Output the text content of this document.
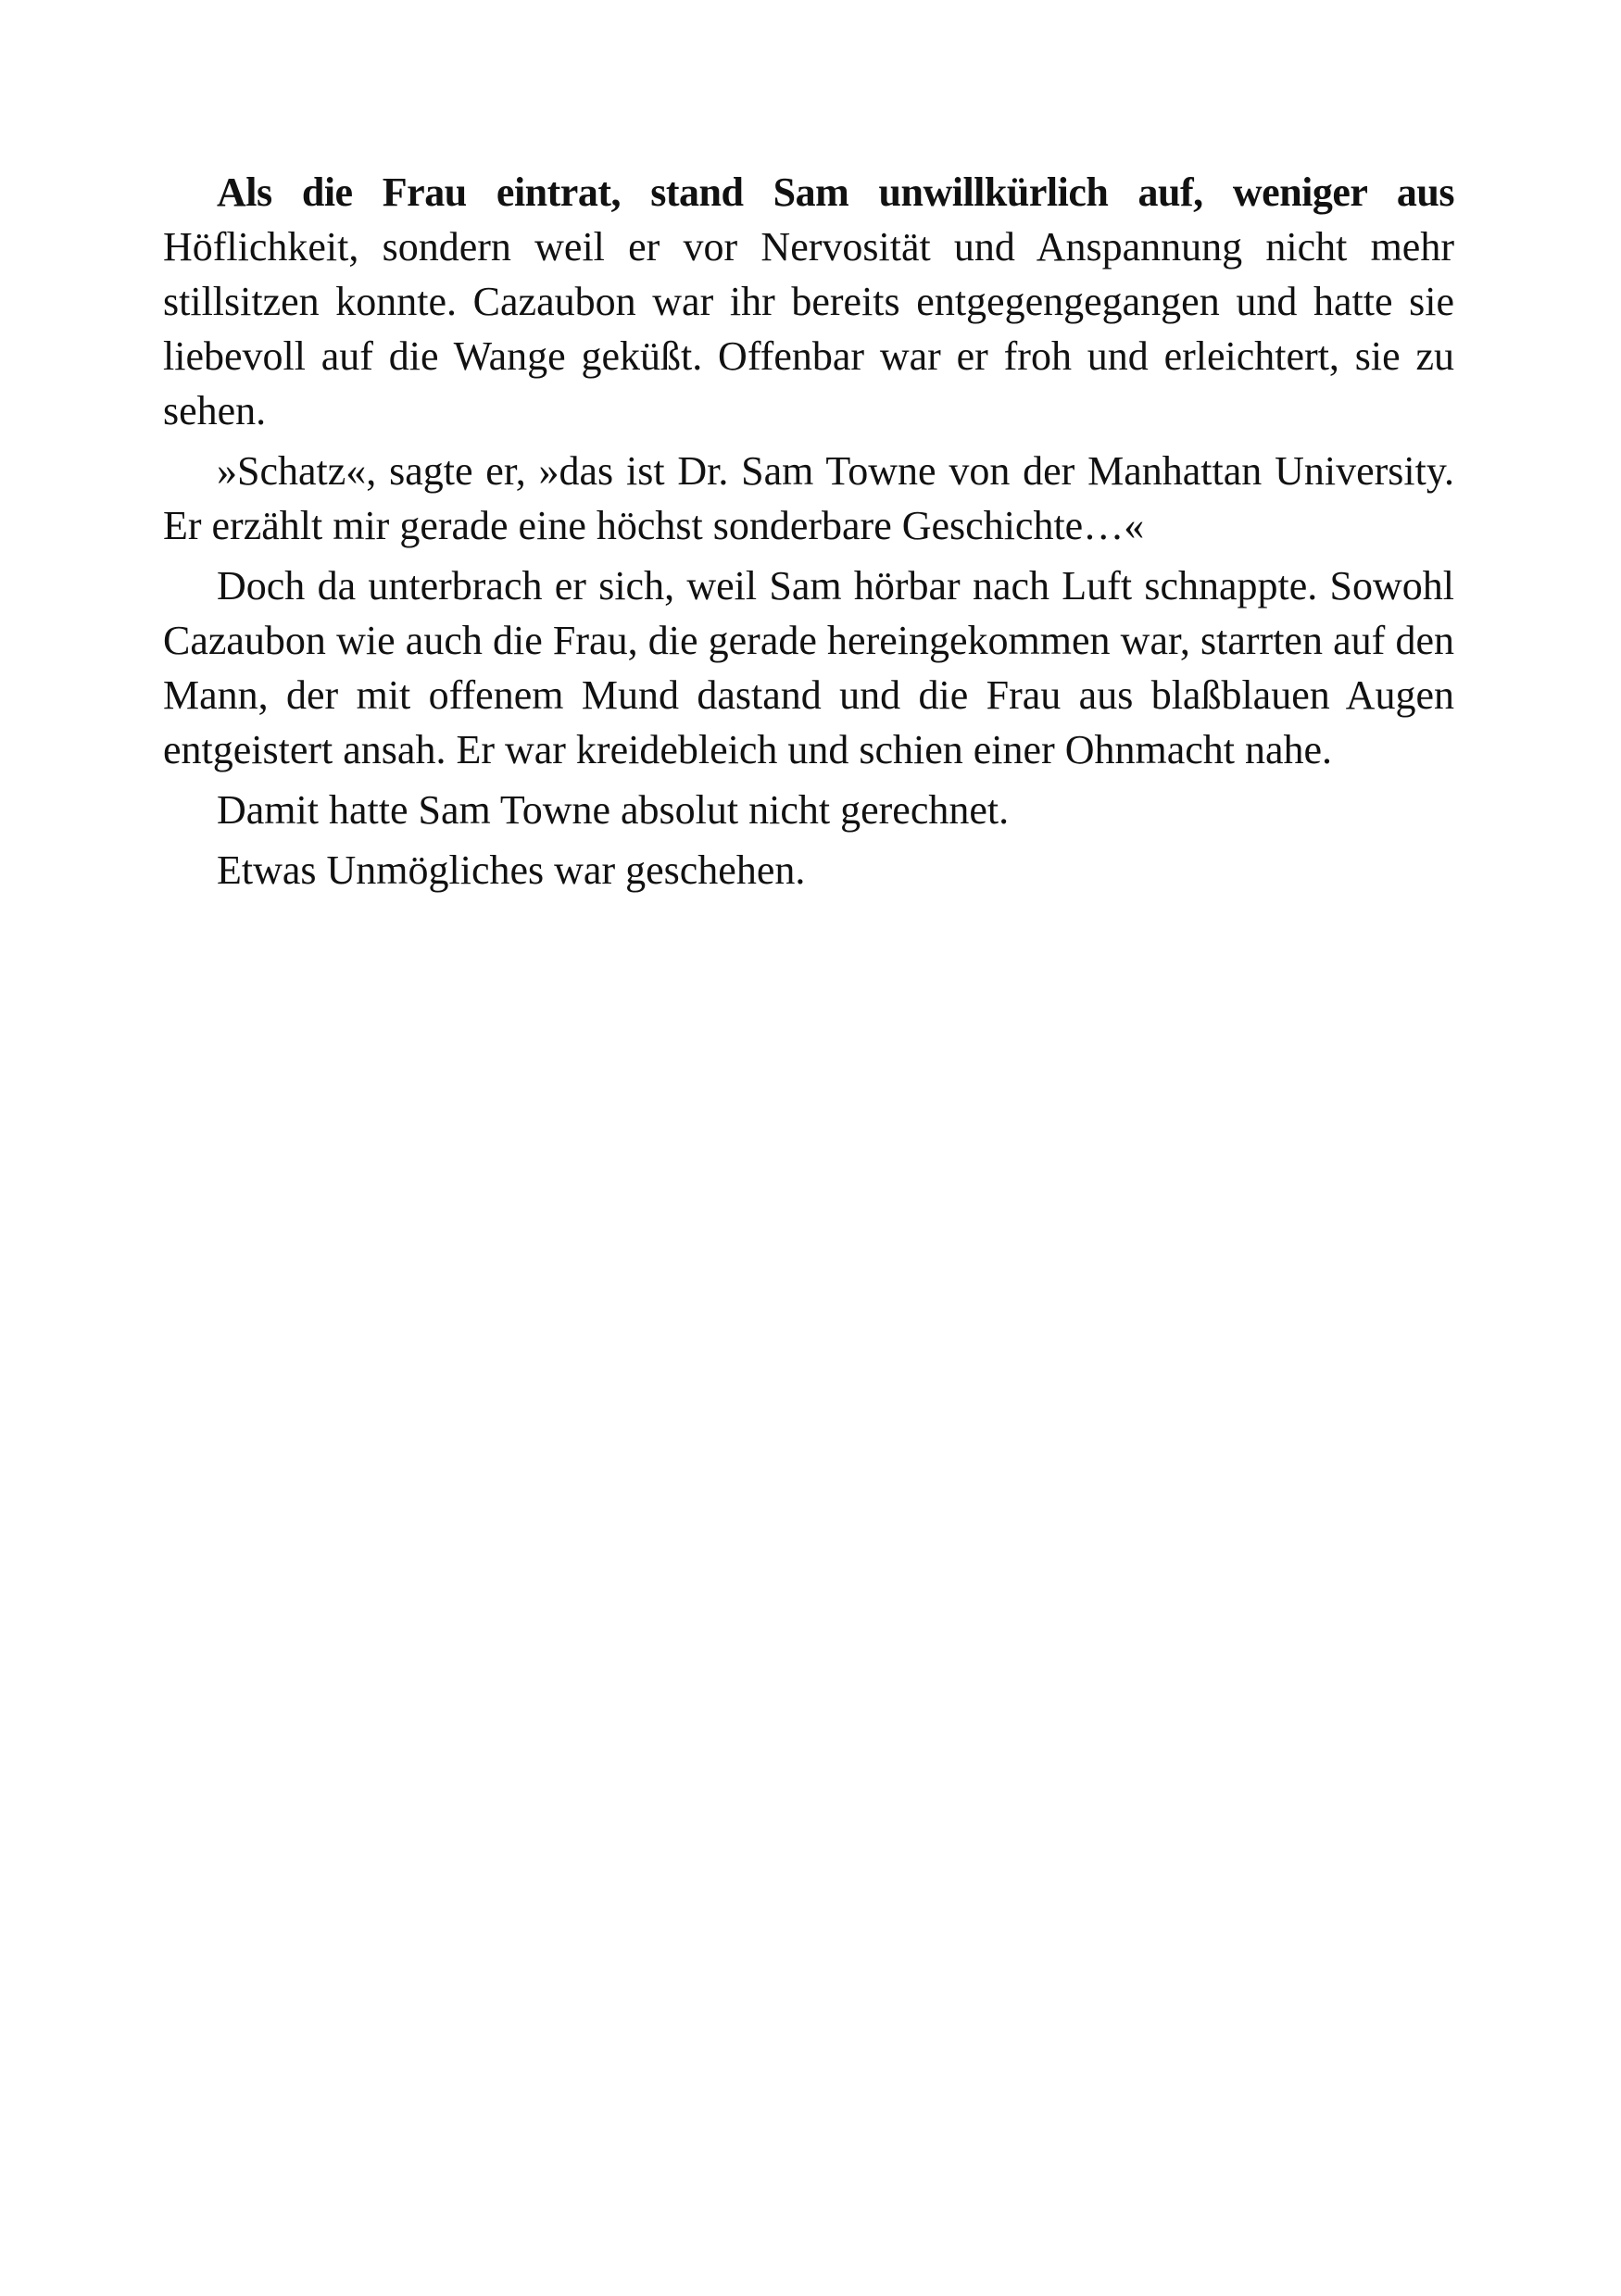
Als die Frau eintrat, stand Sam unwillkürlich auf, weniger aus Höflichkeit, sondern weil er vor Nervosität und Anspannung nicht mehr stillsitzen konnte. Cazaubon war ihr bereits entgegengegangen und hatte sie liebevoll auf die Wange geküßt. Offenbar war er froh und erleichtert, sie zu sehen.

»Schatz«, sagte er, »das ist Dr. Sam Towne von der Manhattan University. Er erzählt mir gerade eine höchst sonderbare Geschichte…«

Doch da unterbrach er sich, weil Sam hörbar nach Luft schnappte. Sowohl Cazaubon wie auch die Frau, die gerade hereingekommen war, starrten auf den Mann, der mit offenem Mund dastand und die Frau aus blaßblauen Augen entgeistert ansah. Er war kreidebleich und schien einer Ohnmacht nahe.

Damit hatte Sam Towne absolut nicht gerechnet.

Etwas Unmögliches war geschehen.
